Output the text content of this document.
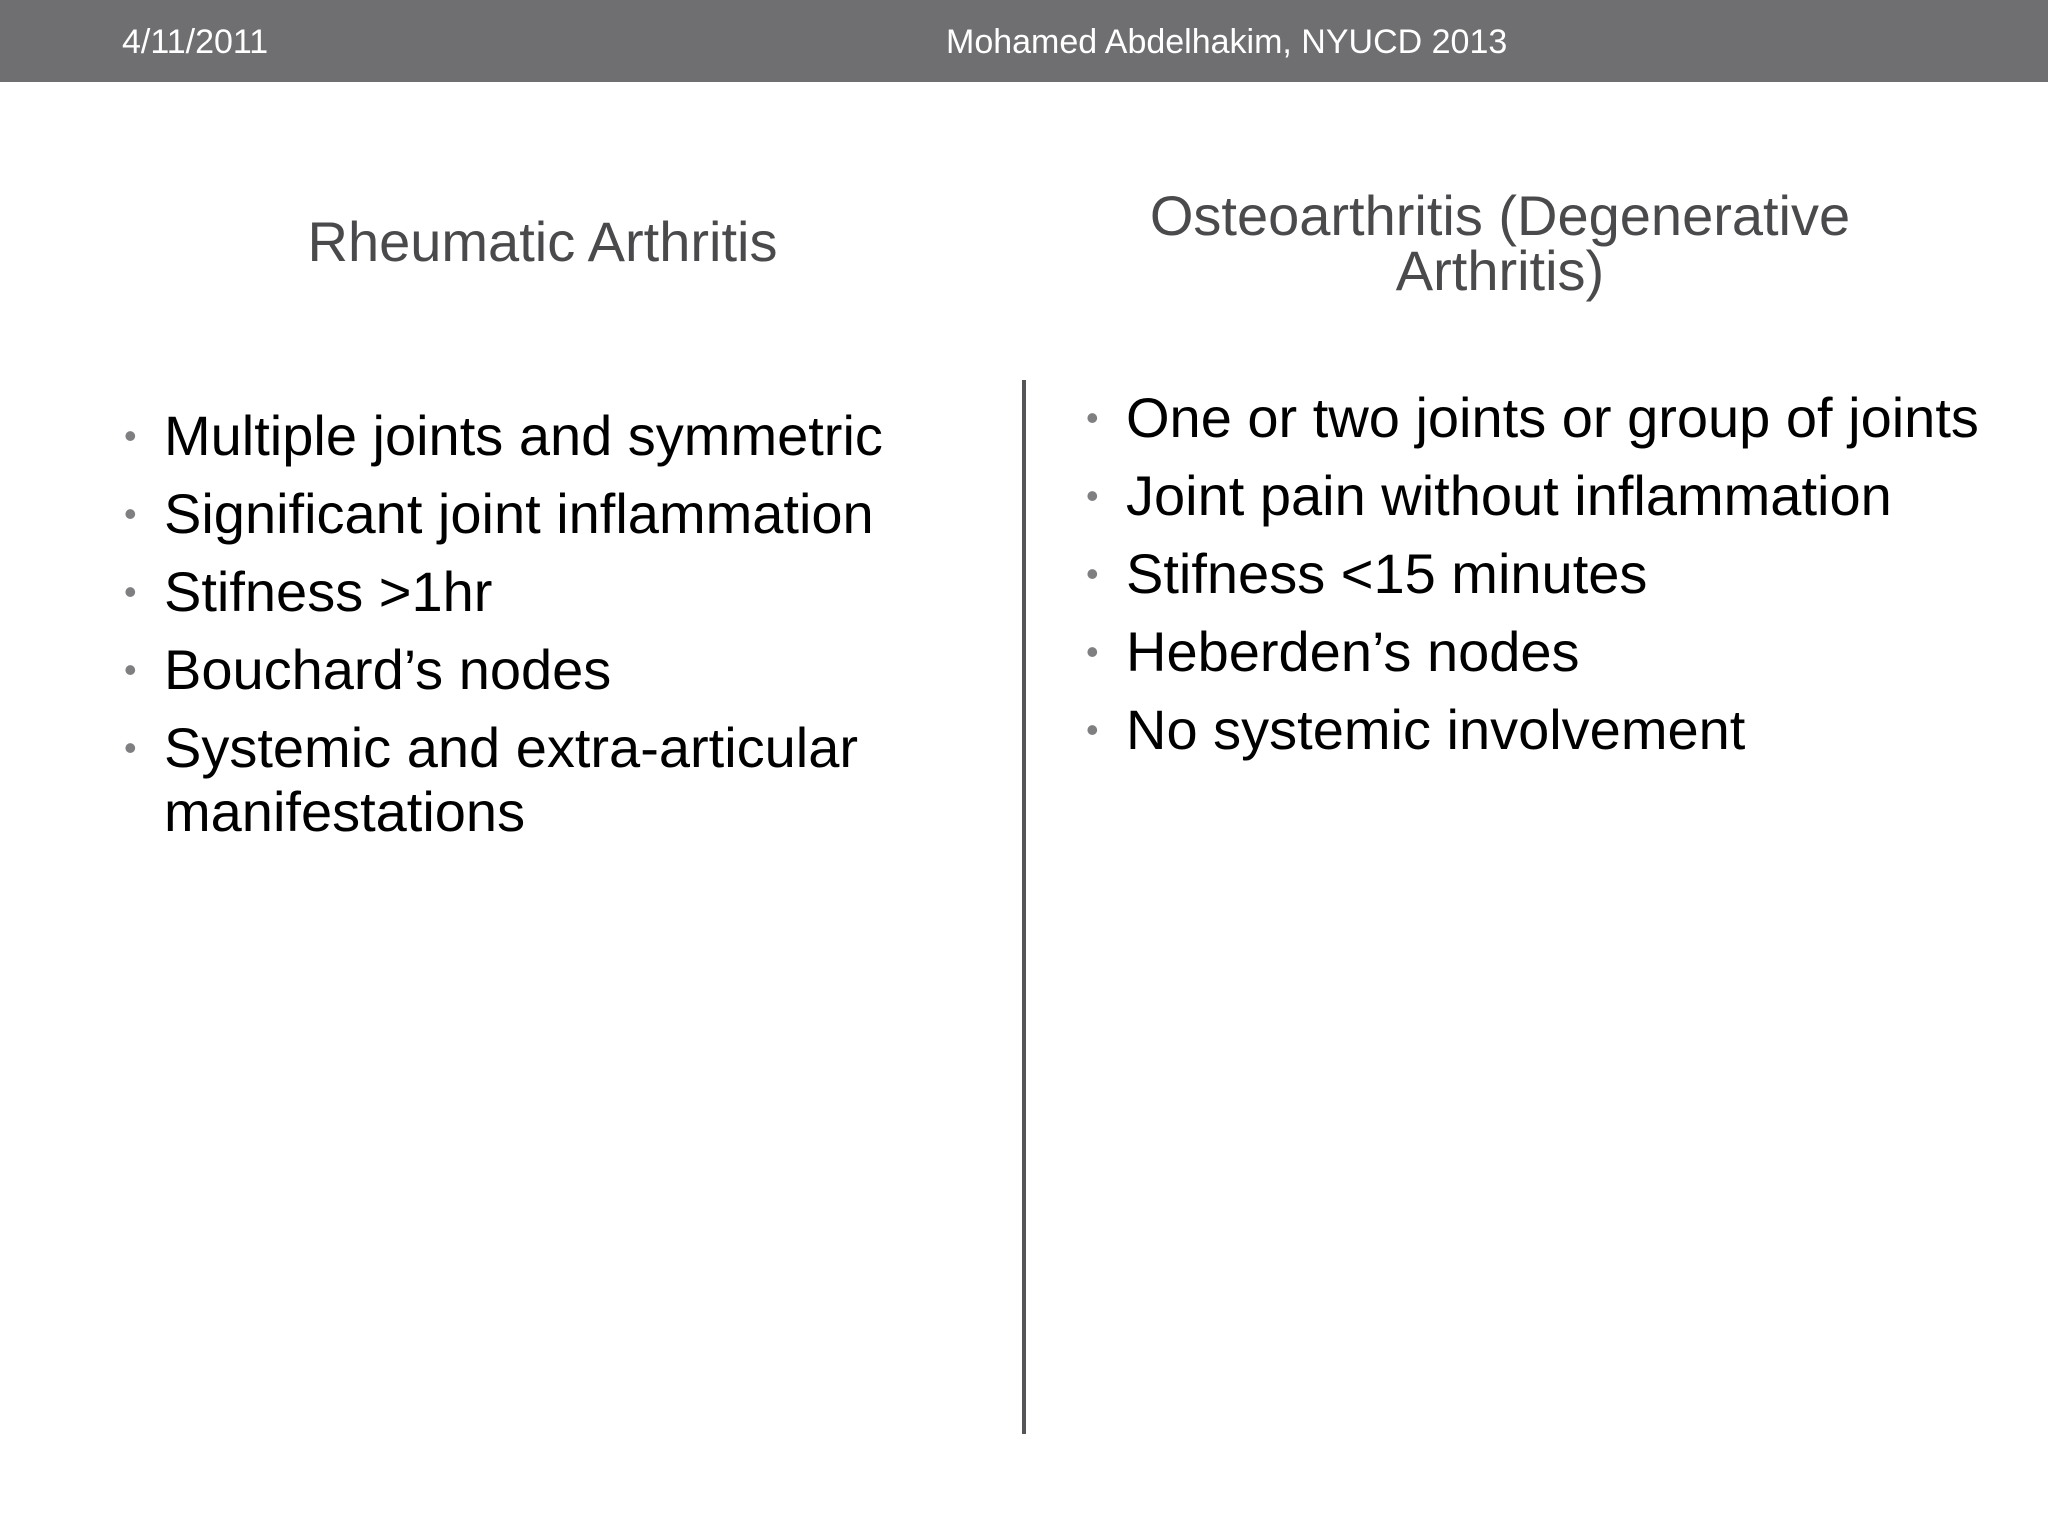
4/11/2011	Mohamed Abdelhakim, NYUCD 2013
Rheumatic Arthritis	Osteoarthritis (Degenerative Arthritis)
• Multiple joints and symmetric
• Significant joint inflammation
• Stifness >1hr
• Bouchard’s nodes
• Systemic and extra-articular manifestations
• One or two joints or group of joints
• Joint pain without inflammation
• Stifness <15 minutes
• Heberden’s nodes
• No systemic involvement
